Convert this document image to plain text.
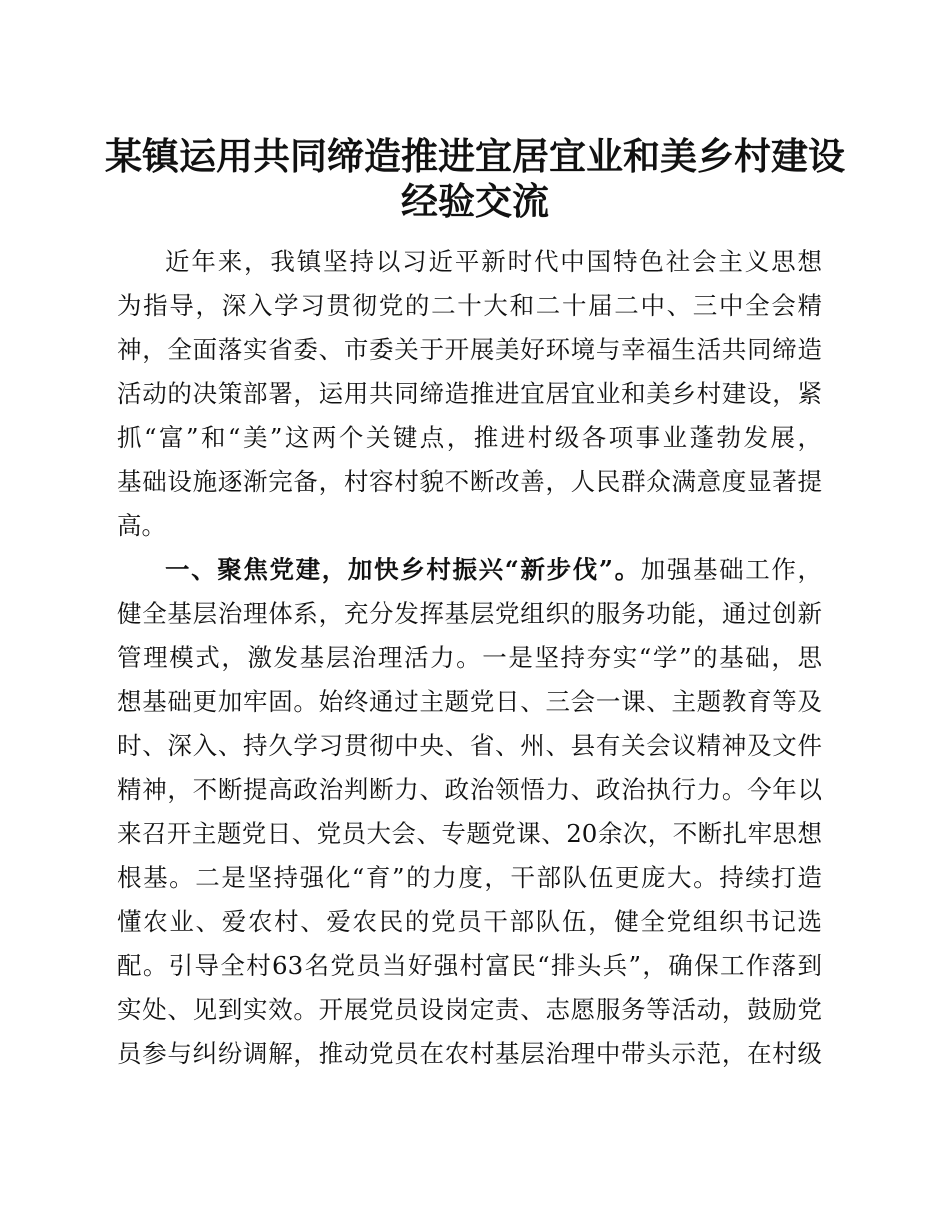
某镇运用共同缔造推进宜居宜业和美乡村建设
经验交流
近年来，我镇坚持以习近平新时代中国特色社会主义思想
为指导，深入学习贯彻党的二十大和二十届二中、三中全会精
神，全面落实省委、市委关于开展美好环境与幸福生活共同缔造
活动的决策部署，运用共同缔造推进宜居宜业和美乡村建设，紧
抓“富”和“美”这两个关键点，推进村级各项事业蓬勃发展，
基础设施逐渐完备，村容村貌不断改善，人民群众满意度显著提
高。
一、聚焦党建，加快乡村振兴“新步伐”。加强基础工作，
健全基层治理体系，充分发挥基层党组织的服务功能，通过创新
管理模式，激发基层治理活力。一是坚持夯实“学”的基础，思
想基础更加牢固。始终通过主题党日、三会一课、主题教育等及
时、深入、持久学习贯彻中央、省、州、县有关会议精神及文件
精神，不断提高政治判断力、政治领悟力、政治执行力。今年以
来召开主题党日、党员大会、专题党课、20余次，不断扎牢思想
根基。二是坚持强化“育”的力度，干部队伍更庞大。持续打造
懂农业、爱农村、爱农民的党员干部队伍，健全党组织书记选
配。引导全村63名党员当好强村富民“排头兵”，确保工作落到
实处、见到实效。开展党员设岗定责、志愿服务等活动，鼓励党
员参与纠纷调解，推动党员在农村基层治理中带头示范，在村级
